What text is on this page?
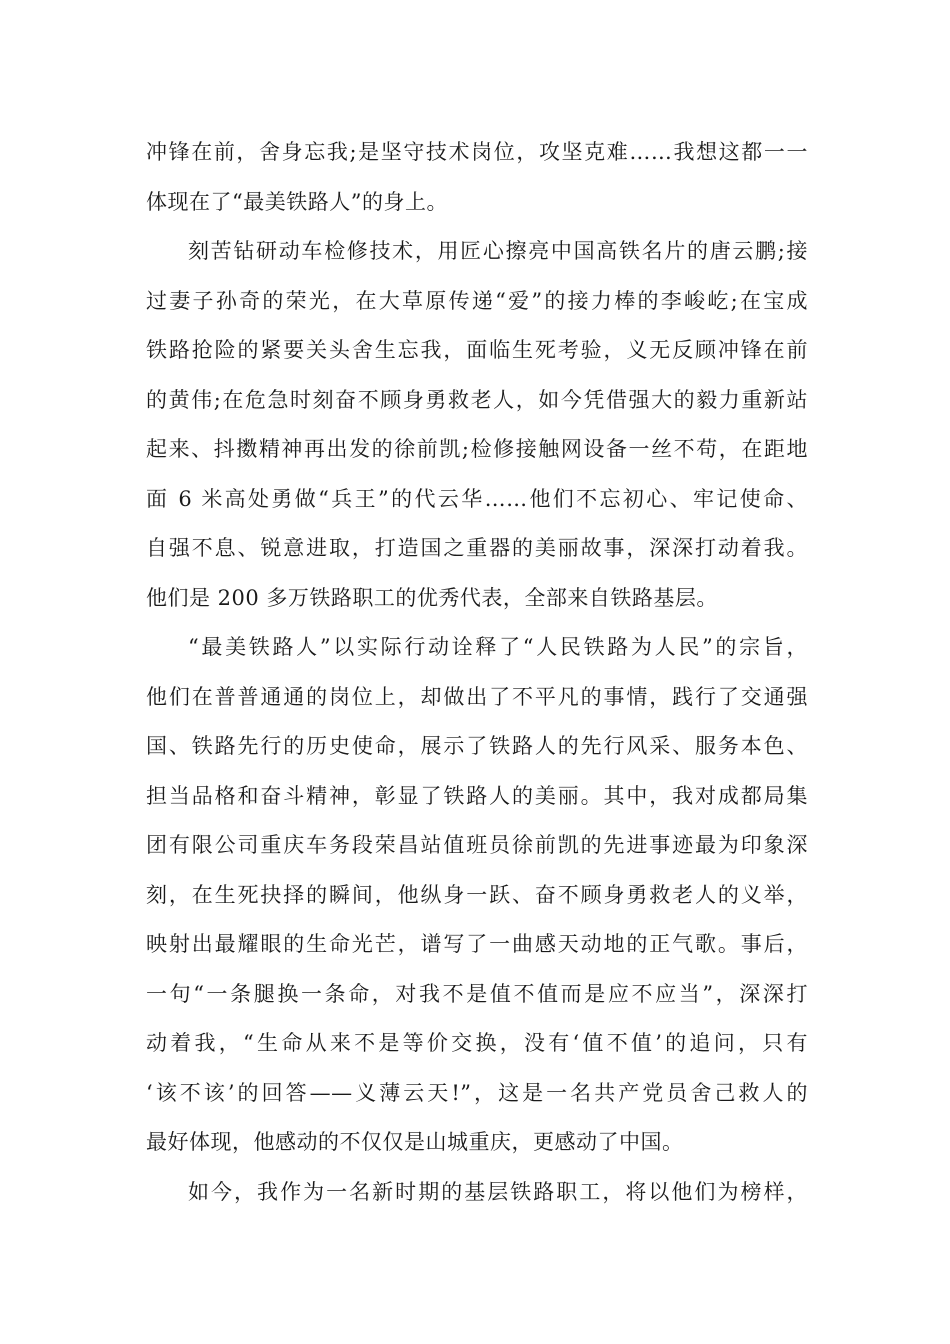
冲锋在前，舍身忘我;是坚守技术岗位，攻坚克难……我想这都一一
体现在了“最美铁路人”的身上。
刻苦钻研动车检修技术，用匠心擦亮中国高铁名片的唐云鹏;接
过妻子孙奇的荣光，在大草原传递“爱”的接力棒的李峻屹;在宝成
铁路抢险的紧要关头舍生忘我，面临生死考验，义无反顾冲锋在前
的黄伟;在危急时刻奋不顾身勇救老人，如今凭借强大的毅力重新站
起来、抖擞精神再出发的徐前凯;检修接触网设备一丝不苟，在距地
面 6 米高处勇做“兵王”的代云华……他们不忘初心、牢记使命、
自强不息、锐意进取，打造国之重器的美丽故事，深深打动着我。
他们是 200 多万铁路职工的优秀代表，全部来自铁路基层。
“最美铁路人”以实际行动诠释了“人民铁路为人民”的宗旨，
他们在普普通通的岗位上，却做出了不平凡的事情，践行了交通强
国、铁路先行的历史使命，展示了铁路人的先行风采、服务本色、
担当品格和奋斗精神，彰显了铁路人的美丽。其中，我对成都局集
团有限公司重庆车务段荣昌站值班员徐前凯的先进事迹最为印象深
刻，在生死抉择的瞬间，他纵身一跃、奋不顾身勇救老人的义举，
映射出最耀眼的生命光芒，谱写了一曲感天动地的正气歌。事后，
一句“一条腿换一条命，对我不是值不值而是应不应当”，深深打
动着我，“生命从来不是等价交换，没有‘值不值’的追问，只有
‘该不该’的回答——义薄云天!”，这是一名共产党员舍己救人的
最好体现，他感动的不仅仅是山城重庆，更感动了中国。
如今，我作为一名新时期的基层铁路职工，将以他们为榜样，
